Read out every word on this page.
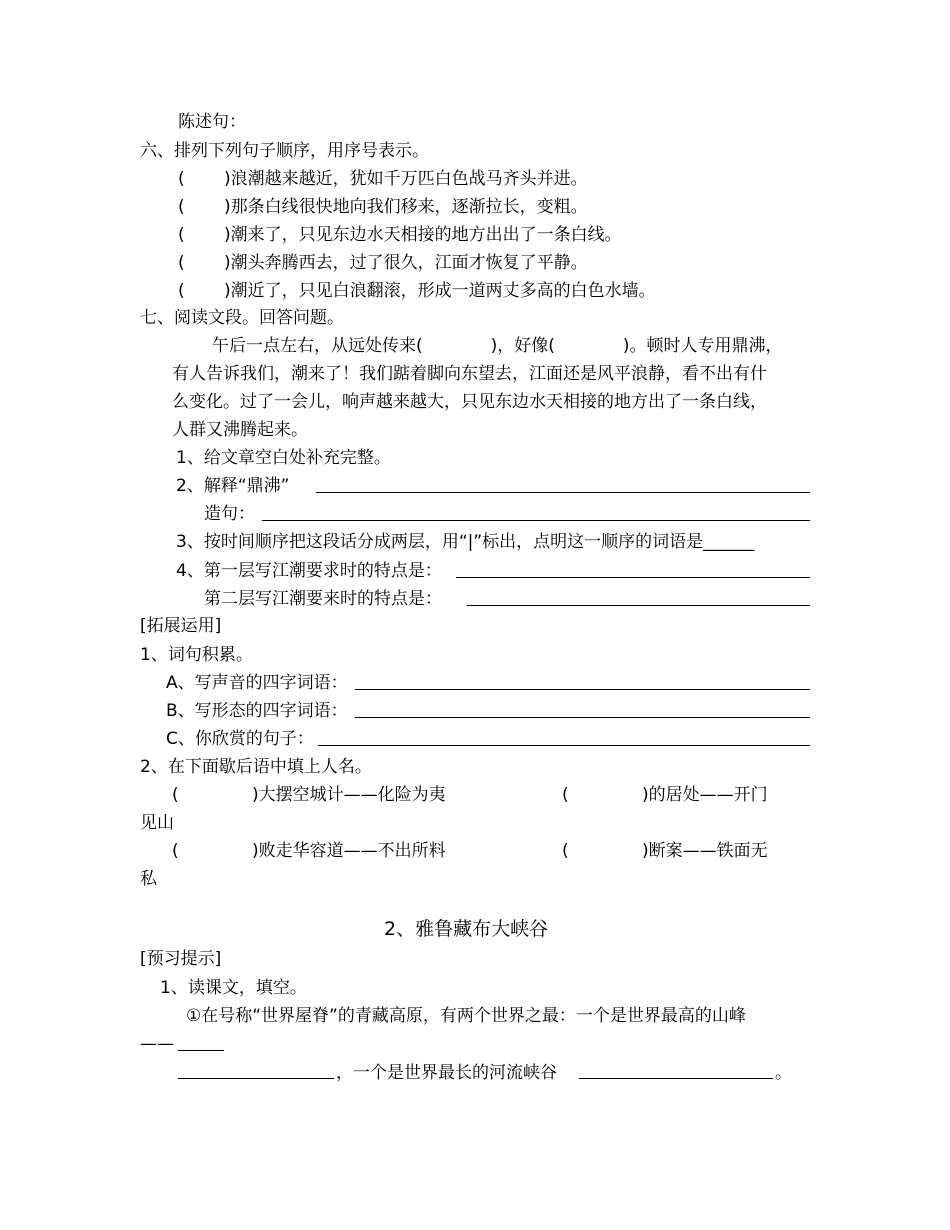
陈述句：
六、排列下列句子顺序，用序号表示。
(　　 )浪潮越来越近，犹如千万匹白色战马齐头并进。
(　　 )那条白线很快地向我们移来，逐渐拉长，变粗。
(　　 )潮来了，只见东边水天相接的地方出出了一条白线。
(　　 )潮头奔腾西去，过了很久，江面才恢复了平静。
(　　 )潮近了，只见白浪翻滚，形成一道两丈多高的白色水墙。
七、阅读文段。回答问题。
午后一点左右，从远处传来(　　　　)，好像(　　　　)。顿时人专用鼎沸，
有人告诉我们，潮来了！我们踮着脚向东望去，江面还是风平浪静，看不出有什
么变化。过了一会儿，响声越来越大，只见东边水天相接的地方出了一条白线，
人群又沸腾起来。
1、给文章空白处补充完整。
2、解释“鼎沸”
造句：
3、按时间顺序把这段话分成两层，用“|”标出，点明这一顺序的词语是______
4、第一层写江潮要求时的特点是：
第二层写江潮要来时的特点是：
[拓展运用]
1、词句积累。
A、写声音的四字词语：
B、写形态的四字词语：
C、你欣赏的句子：
2、在下面歇后语中填上人名。
(　　　　 )大摆空城计——化险为夷	(　　　　 )的居处——开门
见山
(　　　　 )败走华容道——不出所料	(　　　　 )断案——铁面无
私
2、雅鲁藏布大峡谷
[预习提示]
1、读课文，填空。
①在号称“世界屋脊”的青藏高原，有两个世界之最：一个是世界最高的山峰
——
，一个是世界最长的河流峡谷	。
